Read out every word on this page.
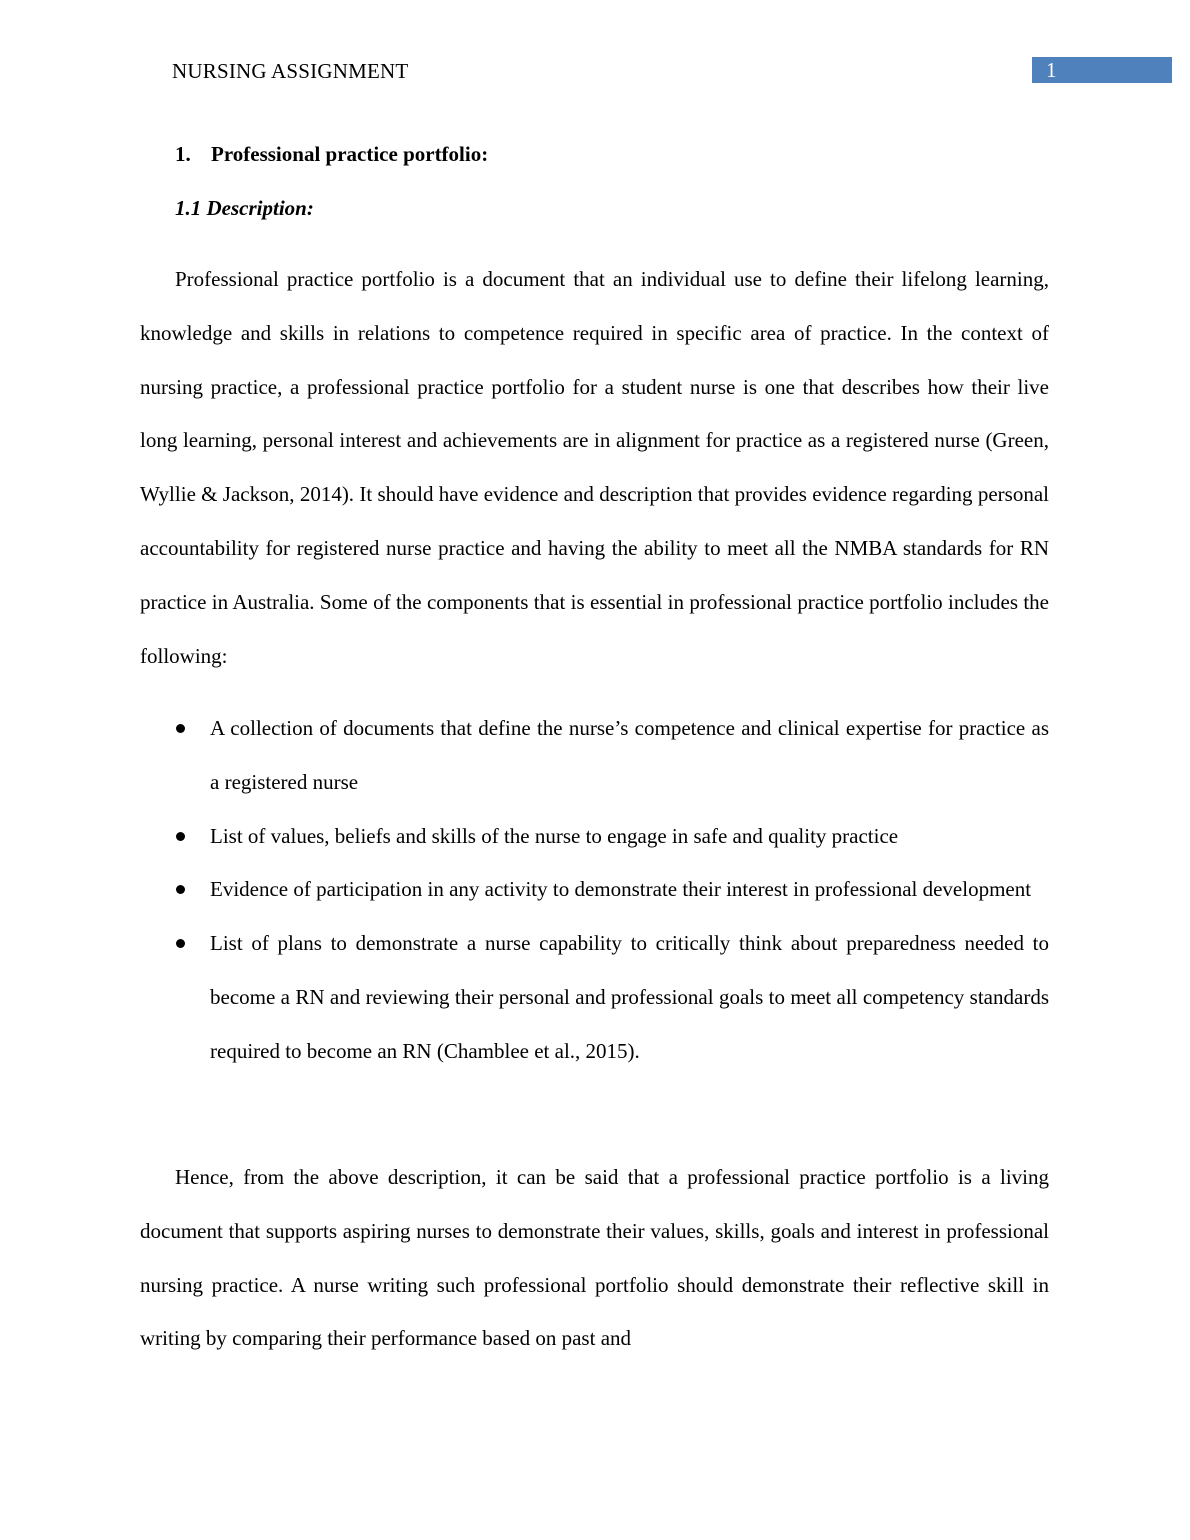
NURSING ASSIGNMENT	1
1. Professional practice portfolio:
1.1 Description:

Professional practice portfolio is a document that an individual use to define their lifelong learning, knowledge and skills in relations to competence required in specific area of practice. In the context of nursing practice, a professional practice portfolio for a student nurse is one that describes how their live long learning, personal interest and achievements are in alignment for practice as a registered nurse (Green, Wyllie & Jackson, 2014). It should have evidence and description that provides evidence regarding personal accountability for registered nurse practice and having the ability to meet all the NMBA standards for RN practice in Australia. Some of the components that is essential in professional practice portfolio includes the following:

A collection of documents that define the nurse’s competence and clinical expertise for practice as a registered nurse
List of values, beliefs and skills of the nurse to engage in safe and quality practice
Evidence of participation in any activity to demonstrate their interest in professional development
List of plans to demonstrate a nurse capability to critically think about preparedness needed to become a RN and reviewing their personal and professional goals to meet all competency standards required to become an RN (Chamblee et al., 2015).

Hence, from the above description, it can be said that a professional practice portfolio is a living document that supports aspiring nurses to demonstrate their values, skills, goals and interest in professional nursing practice. A nurse writing such professional portfolio should demonstrate their reflective skill in writing by comparing their performance based on past and
